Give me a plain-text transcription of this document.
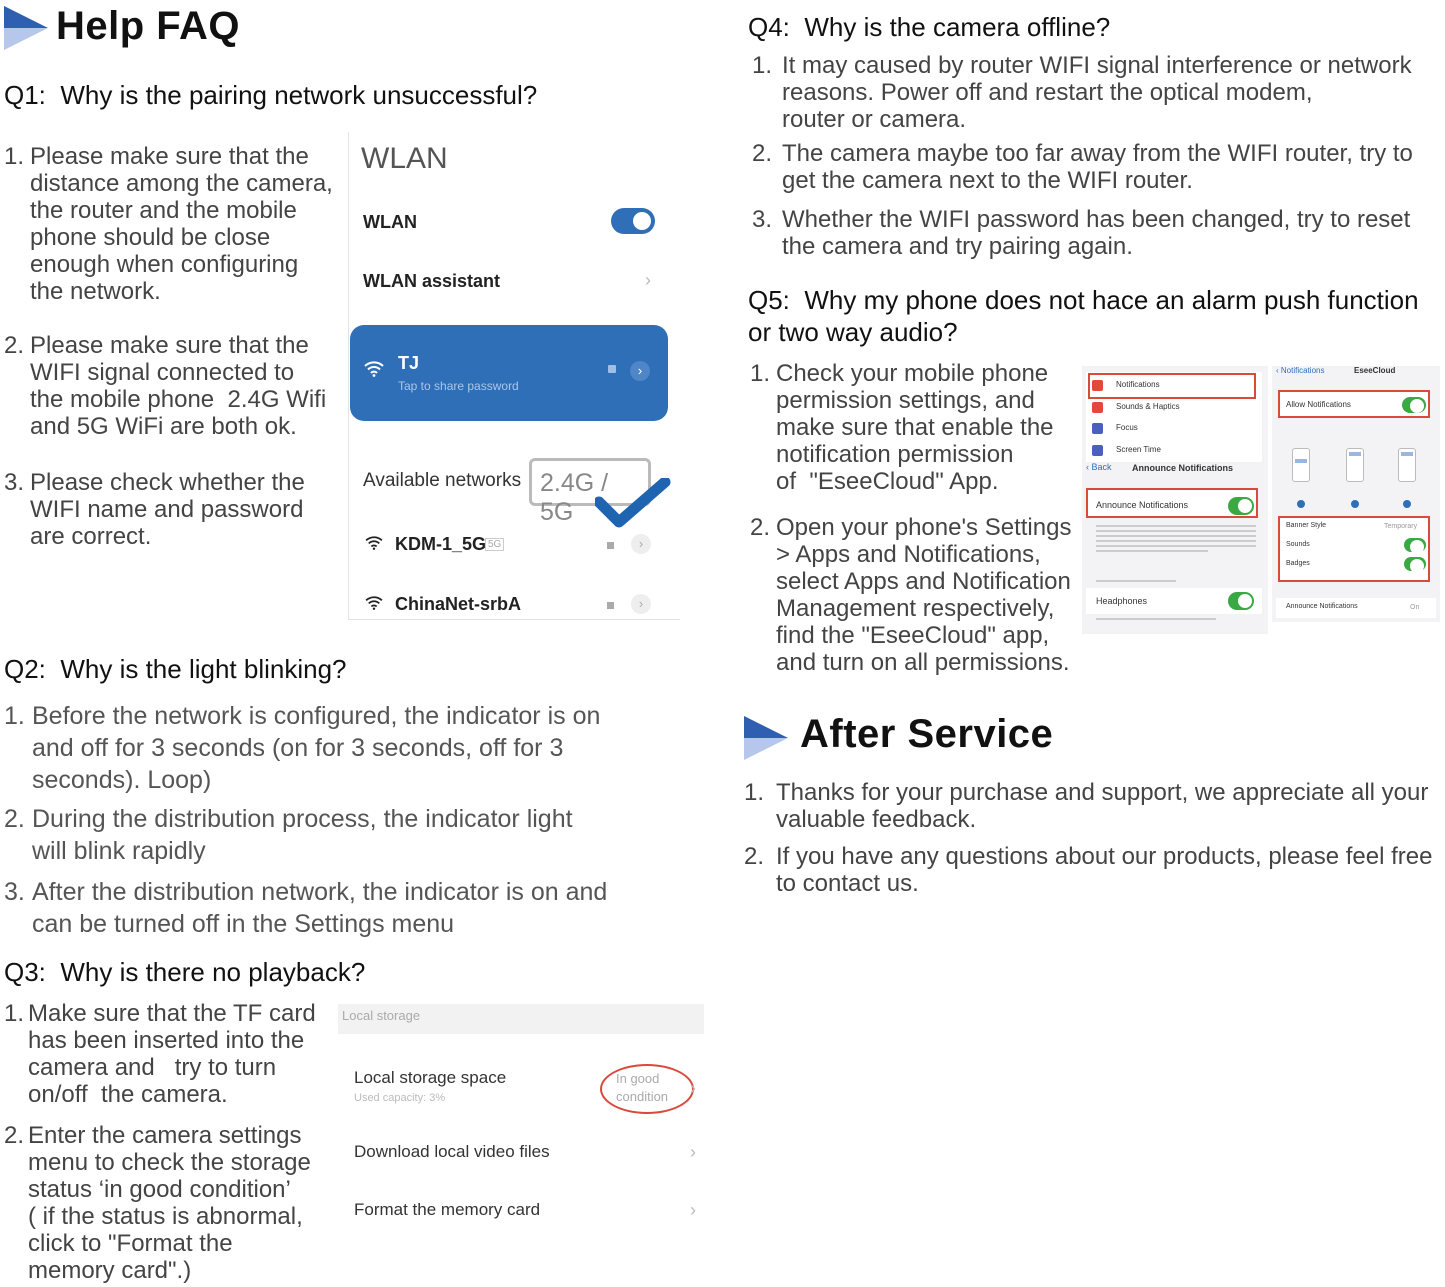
Help FAQ
Q1:  Why is the pairing network unsuccessful?
1. Please make sure that the
distance among the camera,
the router and the mobile
phone should be close
enough when configuring
the network.
2. Please make sure that the
WIFI signal connected to
the mobile phone  2.4G Wifi
and 5G WiFi are both ok.
3. Please check whether the
WIFI name and password
are correct.
WLAN
WLAN
WLAN assistant	›
TJ
Tap to share password
›
Available networks 2.4G / 5G
KDM-1_5G 5G	›
ChinaNet-srbA	›
Q2:  Why is the light blinking?
1. Before the network is configured, the indicator is on
and off for 3 seconds (on for 3 seconds, off for 3
seconds). Loop)
2. During the distribution process, the indicator light
will blink rapidly
3. After the distribution network, the indicator is on and
can be turned off in the Settings menu
Q3:  Why is there no playback?
1. Make sure that the TF card
has been inserted into the
camera and   try to turn
on/off  the camera.
2. Enter the camera settings
menu to check the storage
status ‘in good condition’
( if the status is abnormal,
click to "Format the
memory card".)
Local storage
Local storage space
Used capacity: 3%
In good condition	›
Download local video files	›
Format the memory card	›
Q4:  Why is the camera offline?
1. It may caused by router WIFI signal interference or network
reasons. Power off and restart the optical modem,
router or camera.
2. The camera maybe too far away from the WIFI router, try to
get the camera next to the WIFI router.
3. Whether the WIFI password has been changed, try to reset
the camera and try pairing again.
Q5:  Why my phone does not hace an alarm push function
or two way audio?
1. Check your mobile phone
permission settings, and
make sure that enable the
notification permission
of  "EseeCloud" App.
2. Open your phone's Settings
> Apps and Notifications,
select Apps and Notification
Management respectively,
find the "EseeCloud" app,
and turn on all permissions.
Notifications
Sounds & Haptics
Focus
Screen Time
‹ Back Announce Notifications
Announce Notifications
Headphones
‹ Notifications	EseeCloud
Allow Notifications
Banner Style	Temporary
Sounds
Badges
Announce Notifications	On
After Service
1. Thanks for your purchase and support, we appreciate all your
valuable feedback.
2. If you have any questions about our products, please feel free
to contact us.
